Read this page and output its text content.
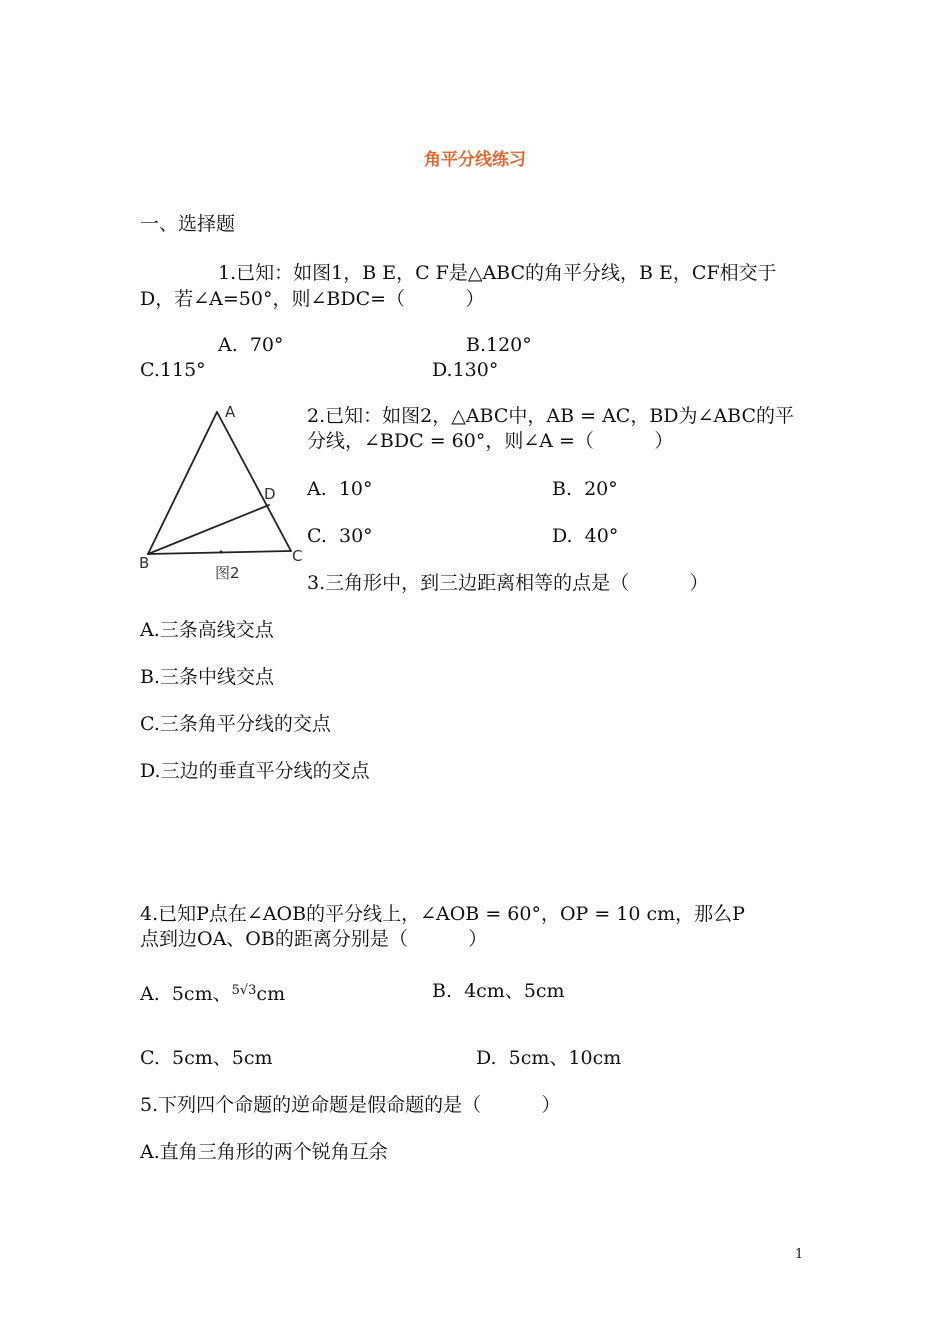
角平分线练习
一、选择题
1.已知：如图1，B E，C F是△ABC的角平分线，B E，CF相交于
D，若∠A=50°，则∠BDC=（          ）
A.  70°	B.120°
C.115°	D.130°
A
B	C
D
图2
2.已知：如图2，△ABC中，AB = AC，BD为∠ABC的平
分线，∠BDC = 60°，则∠A =（          ）
A.  10°	B.  20°
C.  30°	D.  40°
3.三角形中，到三边距离相等的点是（          ）
A.三条高线交点
B.三条中线交点
C.三条角平分线的交点
D.三边的垂直平分线的交点
4.已知P点在∠AOB的平分线上，∠AOB = 60°，OP = 10 cm，那么P
点到边OA、OB的距离分别是（          ）
A.  5cm、$^{5√3}$cm	B.  4cm、5cm
C.  5cm、5cm	D.  5cm、10cm
5.下列四个命题的逆命题是假命题的是（          ）
A.直角三角形的两个锐角互余
1
